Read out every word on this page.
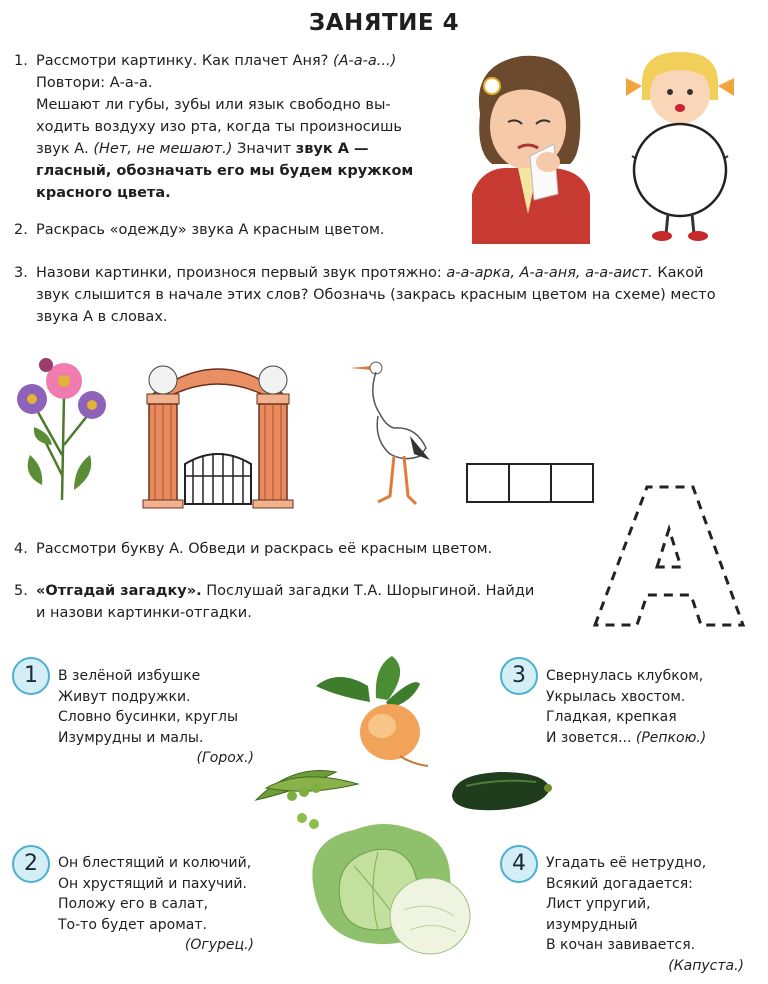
ЗАНЯТИЕ 4
1. Рассмотри картинку. Как плачет Аня? (А-а-а...)
Повтори: А-а-а.
Мешают ли губы, зубы или язык свободно вы-
ходить воздуху изо рта, когда ты произносишь
звук А. (Нет, не мешают.) Значит звук А —
гласный, обозначать его мы будем кружком
красного цвета.
2. Раскрась «одежду» звука А красным цветом.
3. Назови картинки, произнося первый звук протяжно: а-а-арка, А-а-аня, а-а-аист. Какой
звук слышится в начале этих слов? Обозначь (закрась красным цветом на схеме) место
звука А в словах.
4. Рассмотри букву А. Обведи и раскрась её красным цветом.
5. «Отгадай загадку». Послушай загадки Т.А. Шорыгиной. Найди
и назови картинки-отгадки.
1	В зелёной избушке
Живут подружки.
Словно бусинки, круглы
Изумрудны и малы.
(Горох.)
3	Свернулась клубком,
Укрылась хвостом.
Гладкая, крепкая
И зовется... (Репкою.)
2	Он блестящий и колючий,
Он хрустящий и пахучий.
Положу его в салат,
То-то будет аромат.
(Огурец.)
4	Угадать её нетрудно,
Всякий догадается:
Лист упругий, изумрудный
В кочан завивается.
(Капуста.)
